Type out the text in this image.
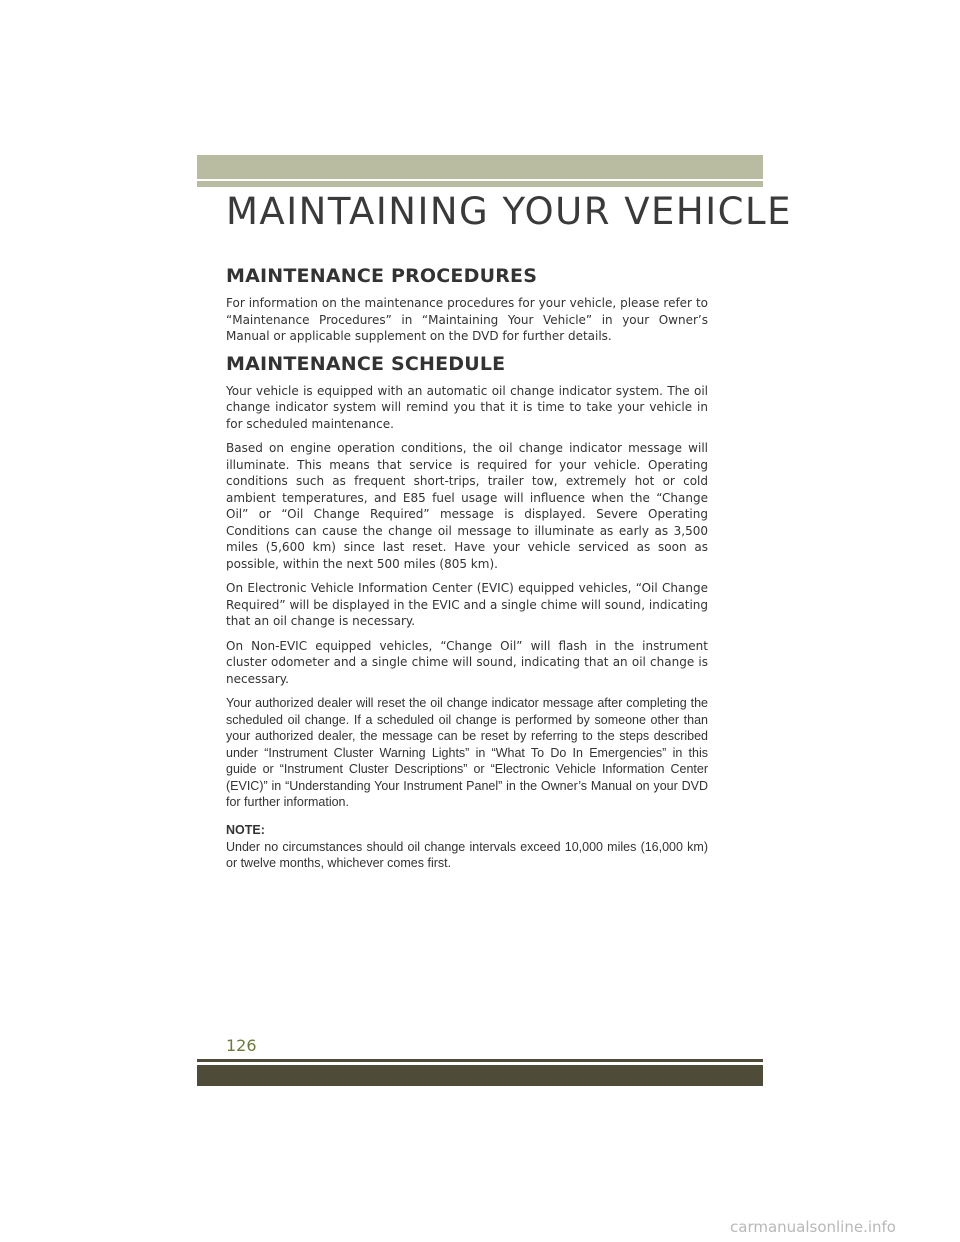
MAINTAINING YOUR VEHICLE
MAINTENANCE PROCEDURES

For information on the maintenance procedures for your vehicle, please refer to “Maintenance Procedures” in “Maintaining Your Vehicle” in your Owner’s Manual or applicable supplement on the DVD for further details.

MAINTENANCE SCHEDULE

Your vehicle is equipped with an automatic oil change indicator system. The oil change indicator system will remind you that it is time to take your vehicle in for scheduled maintenance.

Based on engine operation conditions, the oil change indicator message will illuminate. This means that service is required for your vehicle. Operating conditions such as frequent short-trips, trailer tow, extremely hot or cold ambient temperatures, and E85 fuel usage will influence when the “Change Oil” or “Oil Change Required” message is displayed. Severe Operating Conditions can cause the change oil message to illuminate as early as 3,500 miles (5,600 km) since last reset. Have your vehicle serviced as soon as possible, within the next 500 miles (805 km).

On Electronic Vehicle Information Center (EVIC) equipped vehicles, “Oil Change Required” will be displayed in the EVIC and a single chime will sound, indicating that an oil change is necessary.

On Non-EVIC equipped vehicles, “Change Oil” will flash in the instrument cluster odometer and a single chime will sound, indicating that an oil change is necessary.

Your authorized dealer will reset the oil change indicator message after completing the scheduled oil change. If a scheduled oil change is performed by someone other than your authorized dealer, the message can be reset by referring to the steps described under “Instrument Cluster Warning Lights” in “What To Do In Emergencies” in this guide or “Instrument Cluster Descriptions” or “Electronic Vehicle Information Center (EVIC)” in “Understanding Your Instrument Panel” in the Owner’s Manual on your DVD for further information.

NOTE:

Under no circumstances should oil change intervals exceed 10,000 miles (16,000 km) or twelve months, whichever comes first.

126
carmanualsonline.info
